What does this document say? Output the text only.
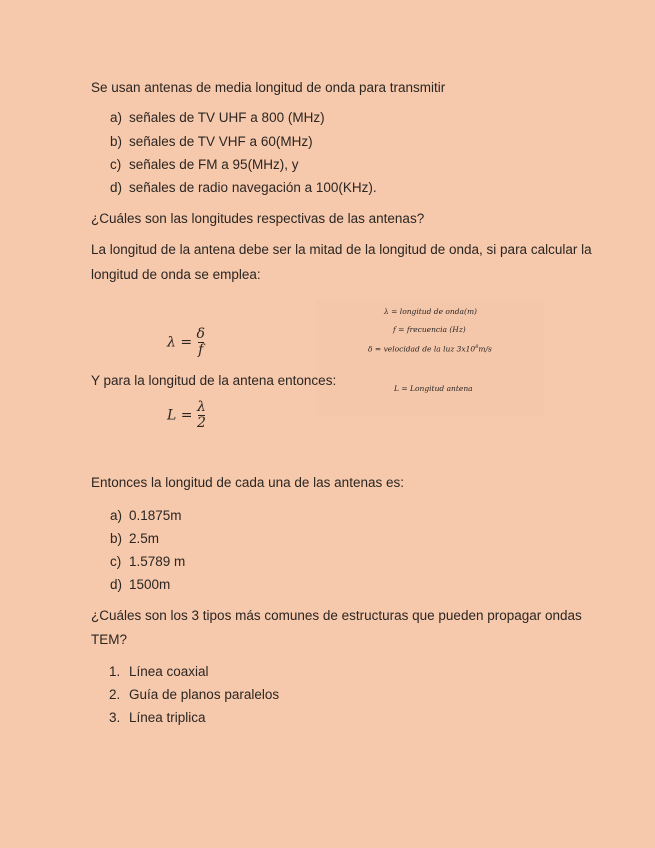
Se usan antenas de media longitud de onda para transmitir
a) señales de TV UHF a 800 (MHz)
b) señales de TV VHF a 60(MHz)
c) señales de FM a 95(MHz), y
d) señales de radio navegación a 100(KHz).
¿Cuáles son las longitudes respectivas de las antenas?
La longitud de la antena debe ser la mitad de la longitud de onda, si para calcular la
longitud de onda se emplea:
$\lambda = \frac{\delta}{f}$
λ = longitud de onda(m)
f = frecuencia (Hz)
δ = velocidad de la luz $3x10^8m/s$
L = Longitud antena
Y para la longitud de la antena entonces:
$L = \frac{\lambda}{2}$
Entonces la longitud de cada una de las antenas es:
a) 0.1875m
b) 2.5m
c) 1.5789 m
d) 1500m
¿Cuáles son los 3 tipos más comunes de estructuras que pueden propagar ondas
TEM?
1. Línea coaxial
2. Guía de planos paralelos
3. Línea triplica
